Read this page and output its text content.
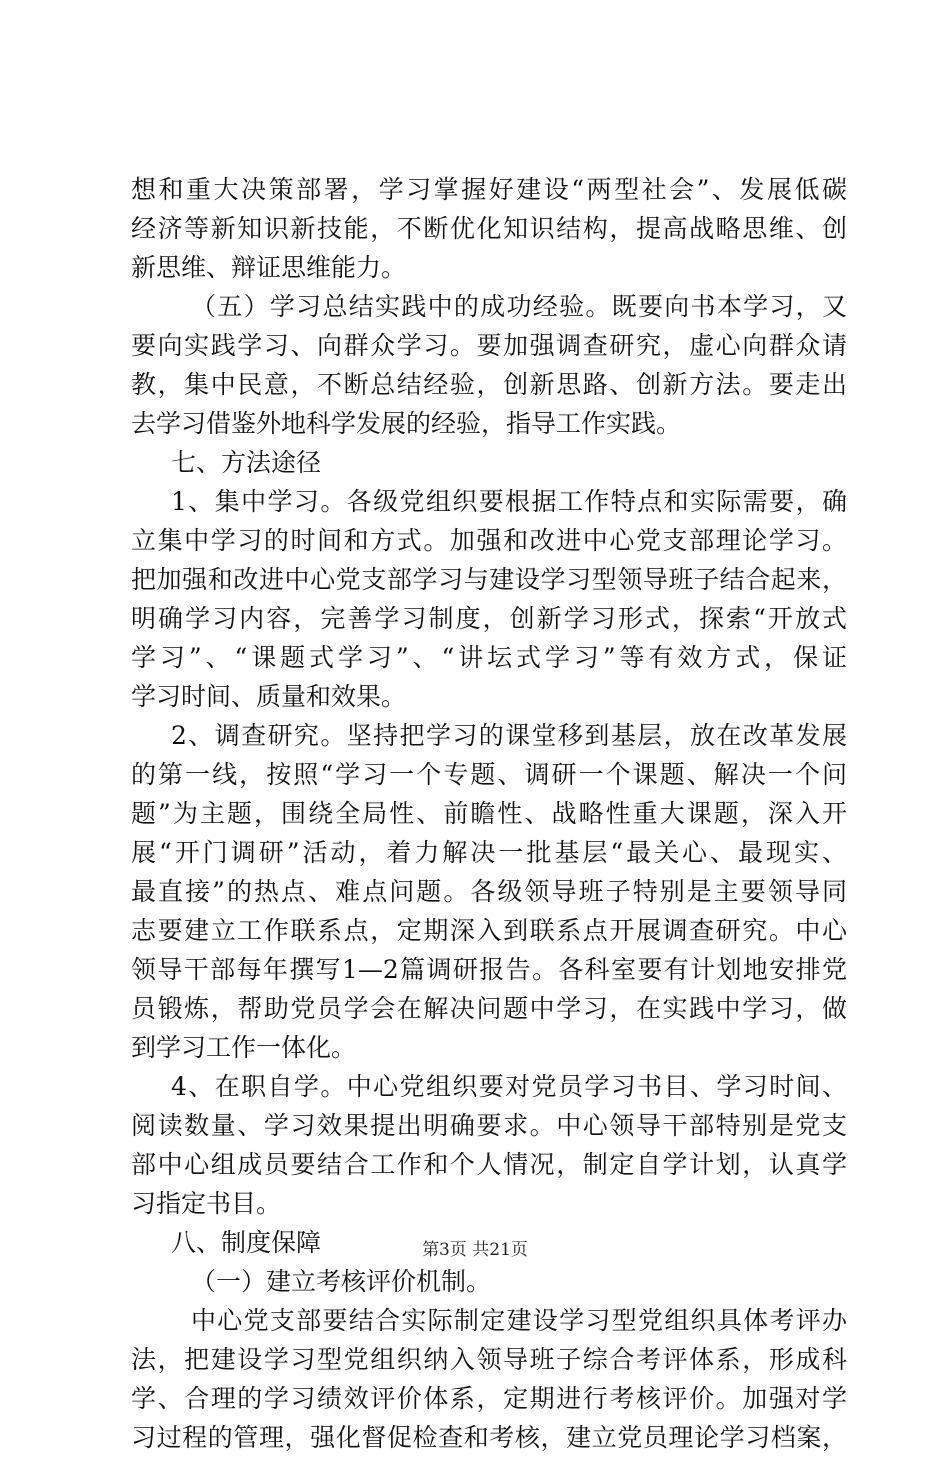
想和重大决策部署，学习掌握好建设“两型社会”、发展低碳
经济等新知识新技能，不断优化知识结构，提高战略思维、创
新思维、辩证思维能力。
（五）学习总结实践中的成功经验。既要向书本学习，又
要向实践学习、向群众学习。要加强调查研究，虚心向群众请
教，集中民意，不断总结经验，创新思路、创新方法。要走出
去学习借鉴外地科学发展的经验，指导工作实践。
七、方法途径
1、集中学习。各级党组织要根据工作特点和实际需要，确
立集中学习的时间和方式。加强和改进中心党支部理论学习。
把加强和改进中心党支部学习与建设学习型领导班子结合起来，
明确学习内容，完善学习制度，创新学习形式，探索“开放式
学习”、“课题式学习”、“讲坛式学习”等有效方式，保证
学习时间、质量和效果。
2、调查研究。坚持把学习的课堂移到基层，放在改革发展
的第一线，按照“学习一个专题、调研一个课题、解决一个问
题”为主题，围绕全局性、前瞻性、战略性重大课题，深入开
展“开门调研”活动，着力解决一批基层“最关心、最现实、
最直接”的热点、难点问题。各级领导班子特别是主要领导同
志要建立工作联系点，定期深入到联系点开展调查研究。中心
领导干部每年撰写1—2篇调研报告。各科室要有计划地安排党
员锻炼，帮助党员学会在解决问题中学习，在实践中学习，做
到学习工作一体化。
4、在职自学。中心党组织要对党员学习书目、学习时间、
阅读数量、学习效果提出明确要求。中心领导干部特别是党支
部中心组成员要结合工作和个人情况，制定自学计划，认真学
习指定书目。
八、制度保障
（一）建立考核评价机制。
中心党支部要结合实际制定建设学习型党组织具体考评办
法，把建设学习型党组织纳入领导班子综合考评体系，形成科
学、合理的学习绩效评价体系，定期进行考核评价。加强对学
习过程的管理，强化督促检查和考核，建立党员理论学习档案，
第3页 共21页
